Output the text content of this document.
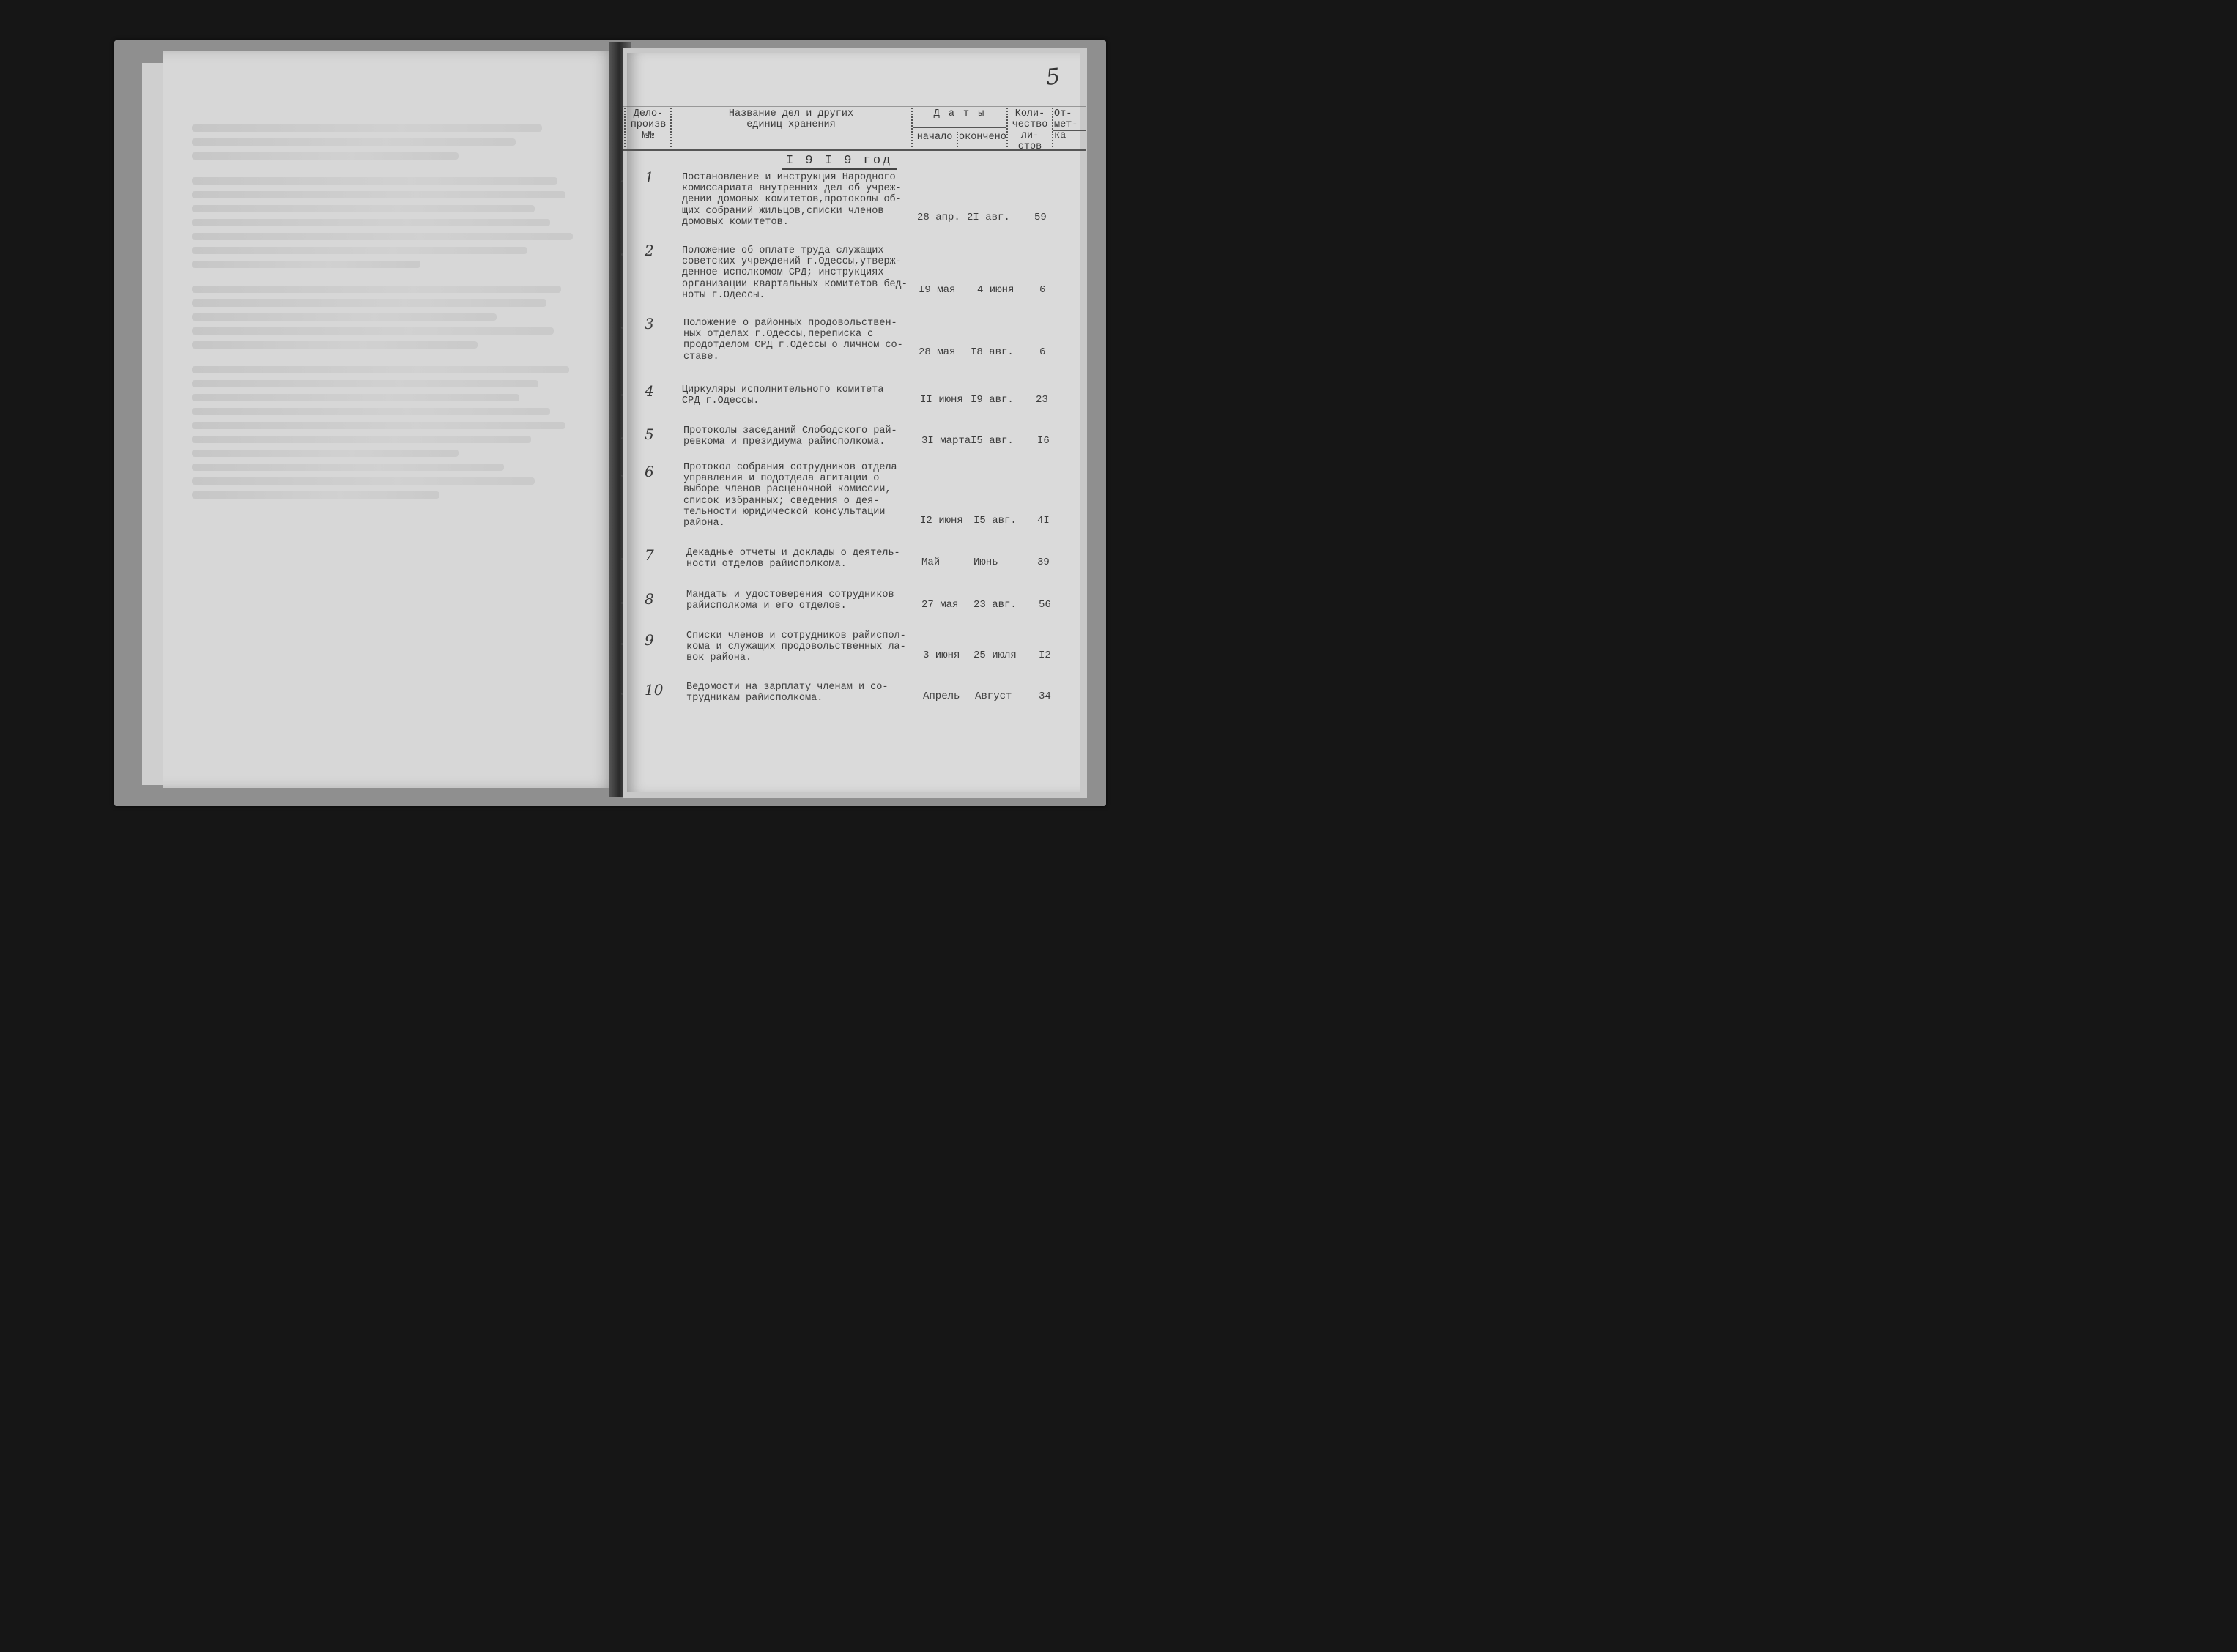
5
Дело-
произв
№№
Название дел и других
единиц хранения
Д а т ы
начало окончено
Коли-
чество
ли-
стов
От-
мет-
ка
I 9 I 9 год
1	Постановление и инструкция Народного
комиссариата внутренних дел об учреж-
дении домовых комитетов,протоколы об-
щих собраний жильцов,списки членов
домовых комитетов.	28 апр. 2I авг. 59
2	Положение об оплате труда служащих
советских учреждений г.Одессы,утверж-
денное исполкомом СРД; инструкциях
организации квартальных комитетов бед-
ноты г.Одессы.	I9 мая 4 июня 6
3	Положение о районных продовольствен-
ных отделах г.Одессы,переписка с
продотделом СРД г.Одессы о личном со-
ставе.	28 мая I8 авг.	6
4	Циркуляры исполнительного комитета
СРД г.Одессы.	II июня I9 авг. 23
5	Протоколы заседаний Слободского рай-
ревкома и президиума райисполкома.	3I марта I5 авг. I6
6	Протокол собрания сотрудников отдела
управления и подотдела агитации о
выборе членов расценочной комиссии,
список избранных; сведения о дея-
тельности юридической консультации
района.	I2 июня I5 авг. 4I
7	Декадные отчеты и доклады о деятель-
ности отделов райисполкома.	Май	Июнь	39
8	Мандаты и удостоверения сотрудников
райисполкома и его отделов.	27 мая 23 авг. 56
9	Списки членов и сотрудников райиспол-
кома и служащих продовольственных ла-
вок района.	3 июня 25 июля I2
10 Ведомости на зарплату членам и со-
трудникам райисполкома.	Апрель Август	34
